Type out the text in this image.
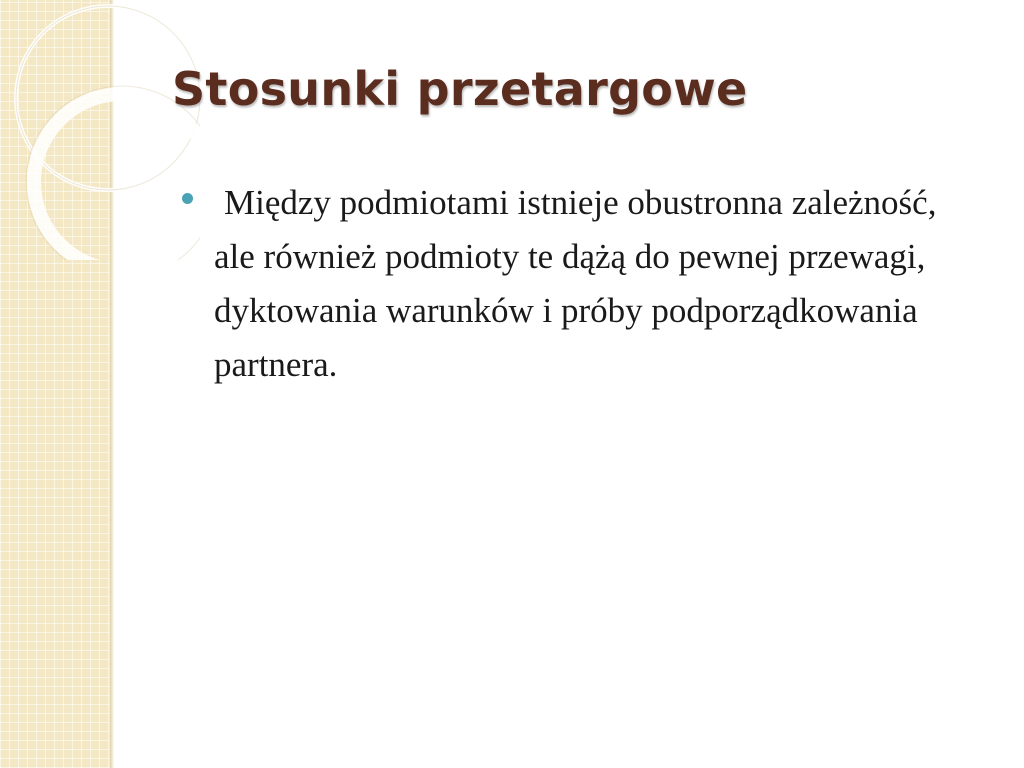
Stosunki przetargowe
Między podmiotami istnieje obustronna zależność, ale również podmioty te dążą do pewnej przewagi, dyktowania warunków i próby podporządkowania partnera.
